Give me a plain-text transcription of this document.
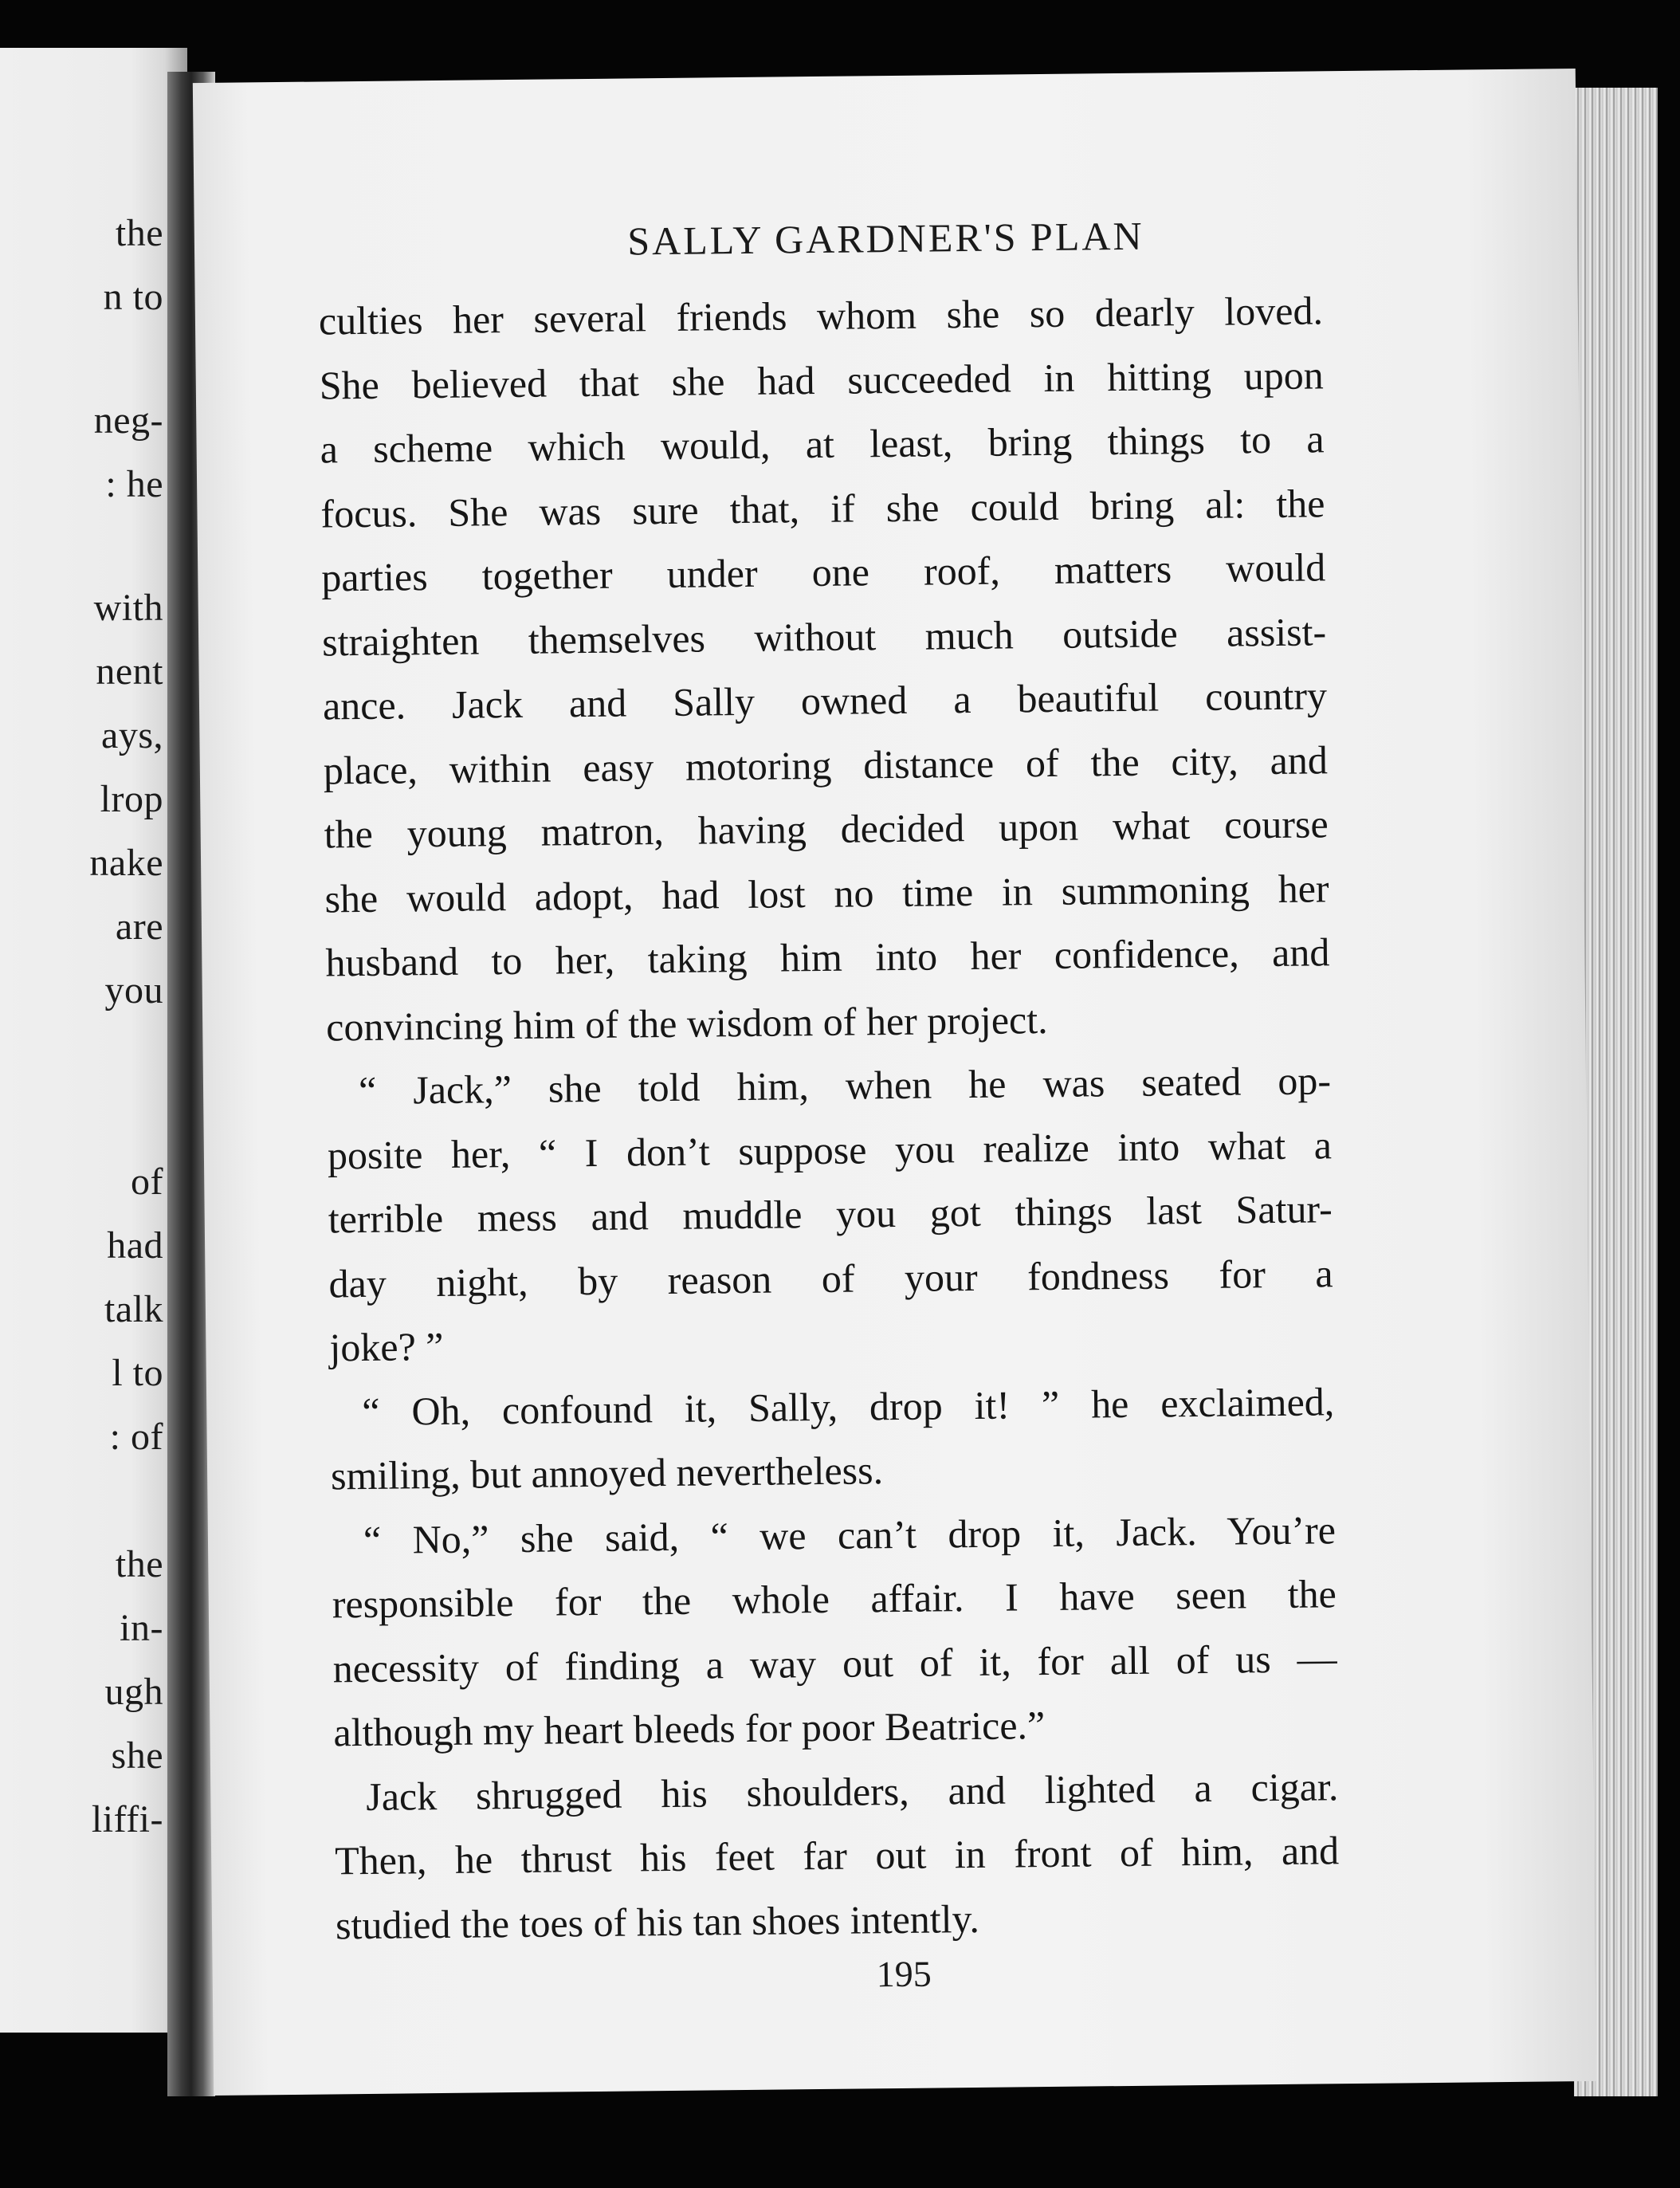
the
n to
neg-
: he
with
nent
ays,
lrop
nake
are
you
of
had
talk
l to
: of
the
in-
ugh
she
liffi-
SALLY GARDNER'S PLAN
culties her several friends whom she so dearly loved.
She believed that she had succeeded in hitting upon
a scheme which would, at least, bring things to a
focus. She was sure that, if she could bring al: the
parties together under one roof, matters would
straighten themselves without much outside assist-
ance. Jack and Sally owned a beautiful country
place, within easy motoring distance of the city, and
the young matron, having decided upon what course
she would adopt, had lost no time in summoning her
husband to her, taking him into her confidence, and
convincing him of the wisdom of her project.
“ Jack,” she told him, when he was seated op-
posite her, “ I don’t suppose you realize into what a
terrible mess and muddle you got things last Satur-
day night, by reason of your fondness for a
joke? ”
“ Oh, confound it, Sally, drop it! ” he exclaimed,
smiling, but annoyed nevertheless.
“ No,” she said, “ we can’t drop it, Jack. You’re
responsible for the whole affair. I have seen the
necessity of finding a way out of it, for all of us —
although my heart bleeds for poor Beatrice.”
Jack shrugged his shoulders, and lighted a cigar.
Then, he thrust his feet far out in front of him, and
studied the toes of his tan shoes intently.
195
